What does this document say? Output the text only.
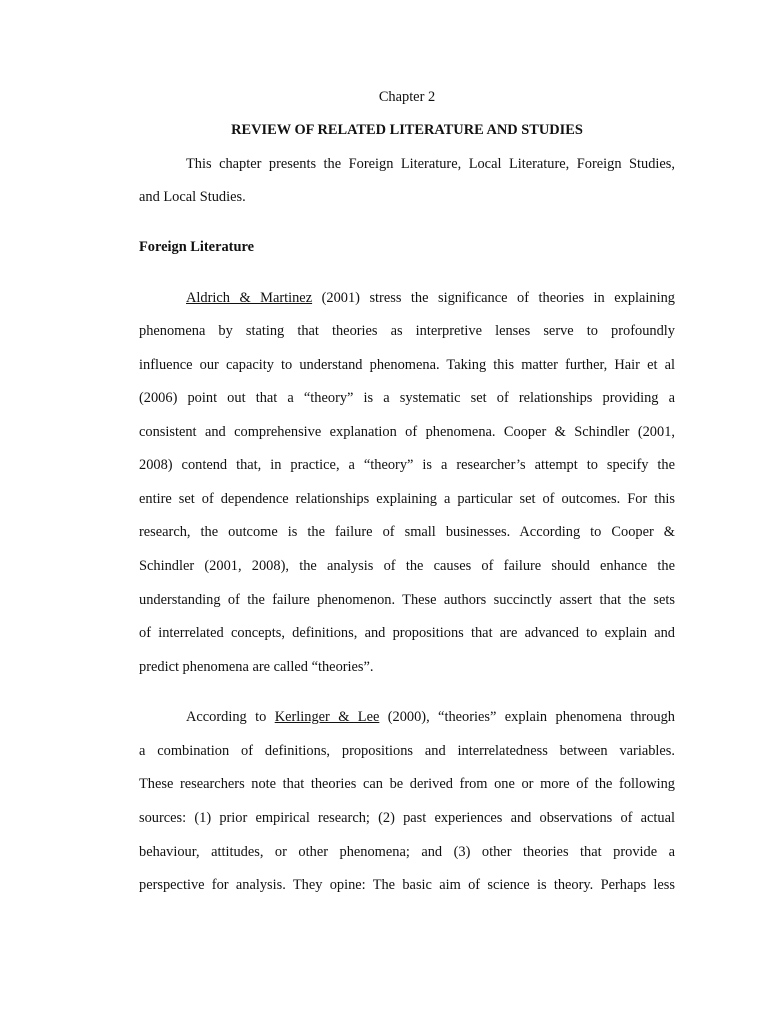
Chapter 2
REVIEW OF RELATED LITERATURE AND STUDIES
This chapter presents the Foreign Literature, Local Literature, Foreign Studies,
and Local Studies.
Foreign Literature
Aldrich & Martinez (2001) stress the significance of theories in explaining
phenomena by stating that theories as interpretive lenses serve to profoundly
influence our capacity to understand phenomena. Taking this matter further, Hair et al
(2006) point out that a “theory” is a systematic set of relationships providing a
consistent and comprehensive explanation of phenomena. Cooper & Schindler (2001,
2008) contend that, in practice, a “theory” is a researcher’s attempt to specify the
entire set of dependence relationships explaining a particular set of outcomes. For this
research, the outcome is the failure of small businesses. According to Cooper &
Schindler (2001, 2008), the analysis of the causes of failure should enhance the
understanding of the failure phenomenon. These authors succinctly assert that the sets
of interrelated concepts, definitions, and propositions that are advanced to explain and
predict phenomena are called “theories”.
According to Kerlinger & Lee (2000), “theories” explain phenomena through
a combination of definitions, propositions and interrelatedness between variables.
These researchers note that theories can be derived from one or more of the following
sources: (1) prior empirical research; (2) past experiences and observations of actual
behaviour, attitudes, or other phenomena; and (3) other theories that provide a
perspective for analysis. They opine: The basic aim of science is theory. Perhaps less
